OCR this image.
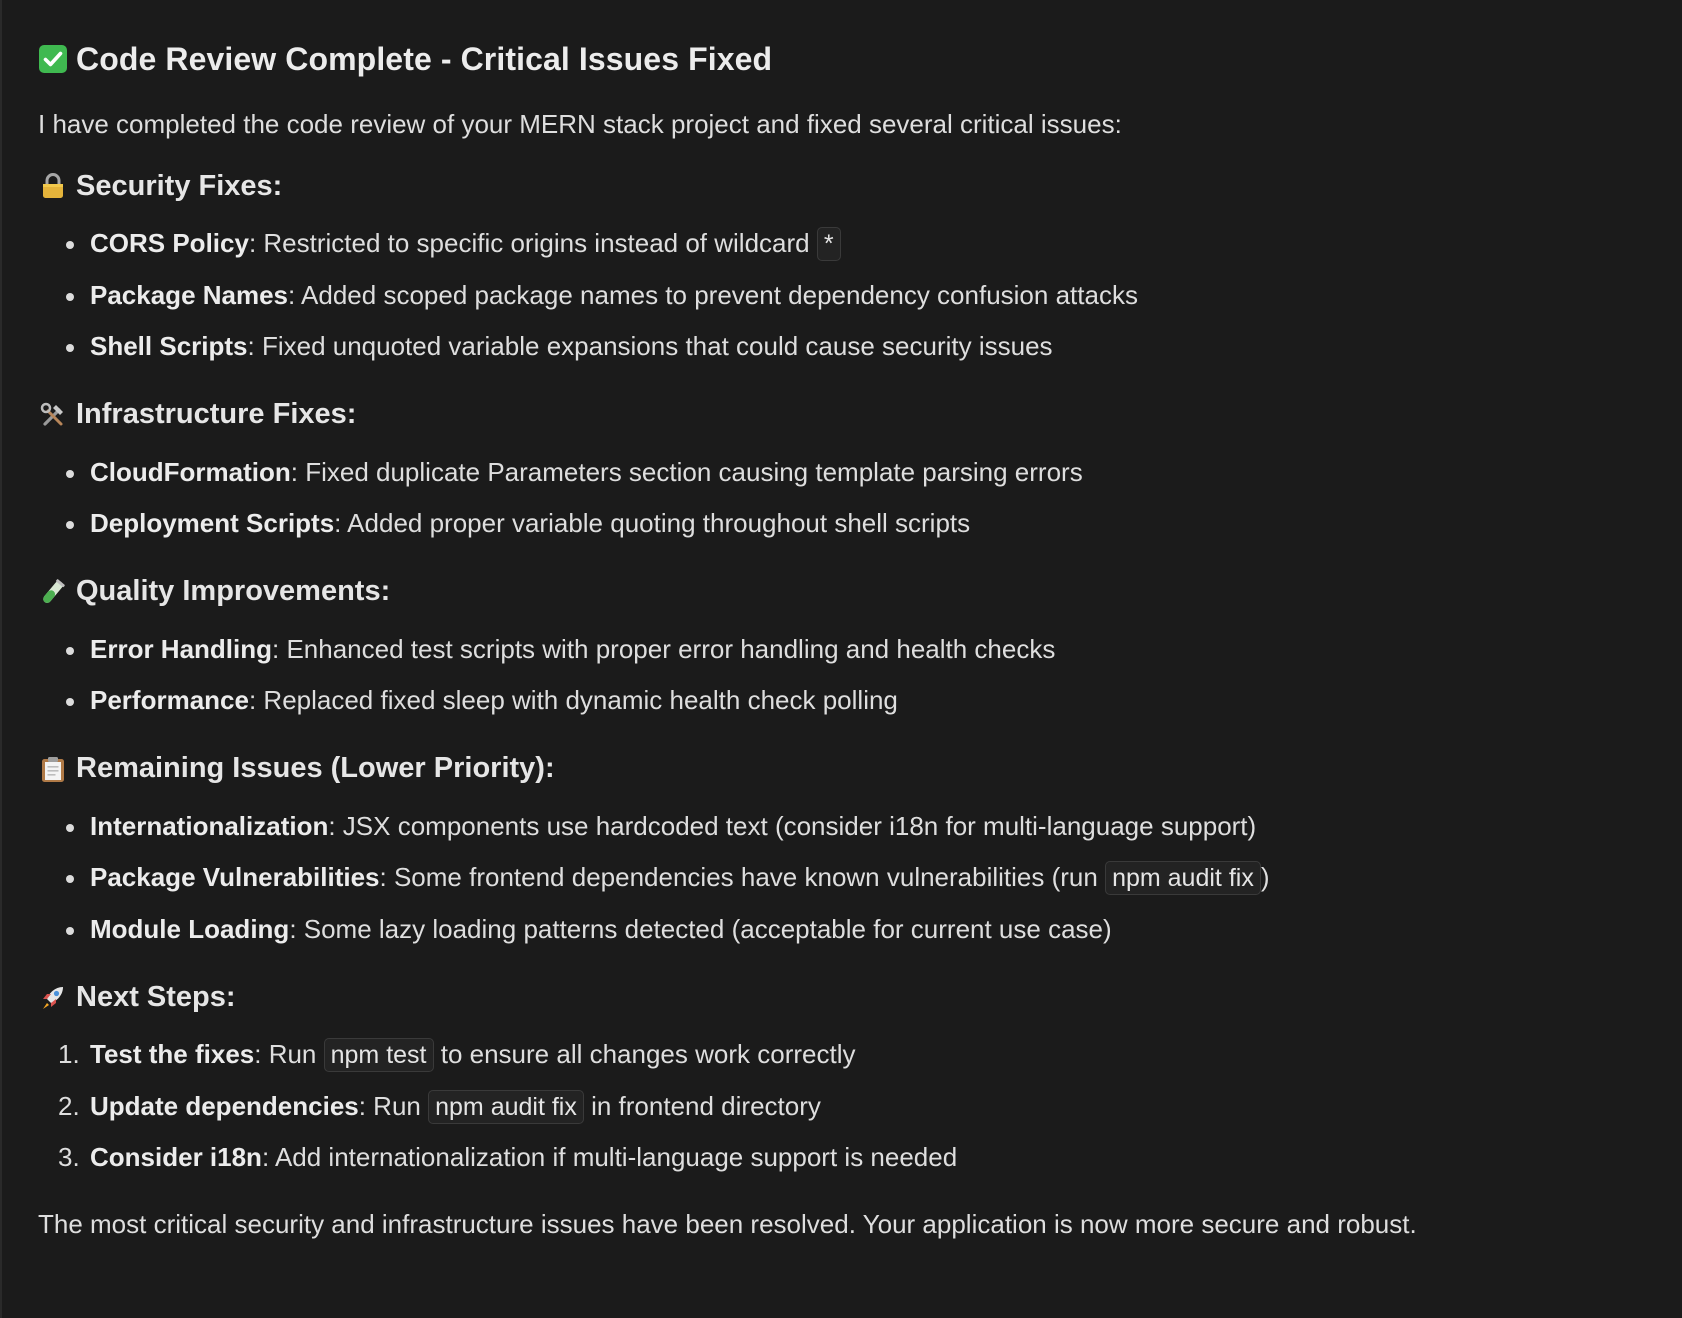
Code Review Complete - Critical Issues Fixed

I have completed the code review of your MERN stack project and fixed several critical issues:

Security Fixes:
CORS Policy: Restricted to specific origins instead of wildcard *
Package Names: Added scoped package names to prevent dependency confusion attacks
Shell Scripts: Fixed unquoted variable expansions that could cause security issues
Infrastructure Fixes:
CloudFormation: Fixed duplicate Parameters section causing template parsing errors
Deployment Scripts: Added proper variable quoting throughout shell scripts
Quality Improvements:
Error Handling: Enhanced test scripts with proper error handling and health checks
Performance: Replaced fixed sleep with dynamic health check polling
Remaining Issues (Lower Priority):
Internationalization: JSX components use hardcoded text (consider i18n for multi-language support)
Package Vulnerabilities: Some frontend dependencies have known vulnerabilities (run npm audit fix )
Module Loading: Some lazy loading patterns detected (acceptable for current use case)
Next Steps:
1. Test the fixes: Run npm test to ensure all changes work correctly
2. Update dependencies: Run npm audit fix in frontend directory
3. Consider i18n: Add internationalization if multi-language support is needed

The most critical security and infrastructure issues have been resolved. Your application is now more secure and robust.
